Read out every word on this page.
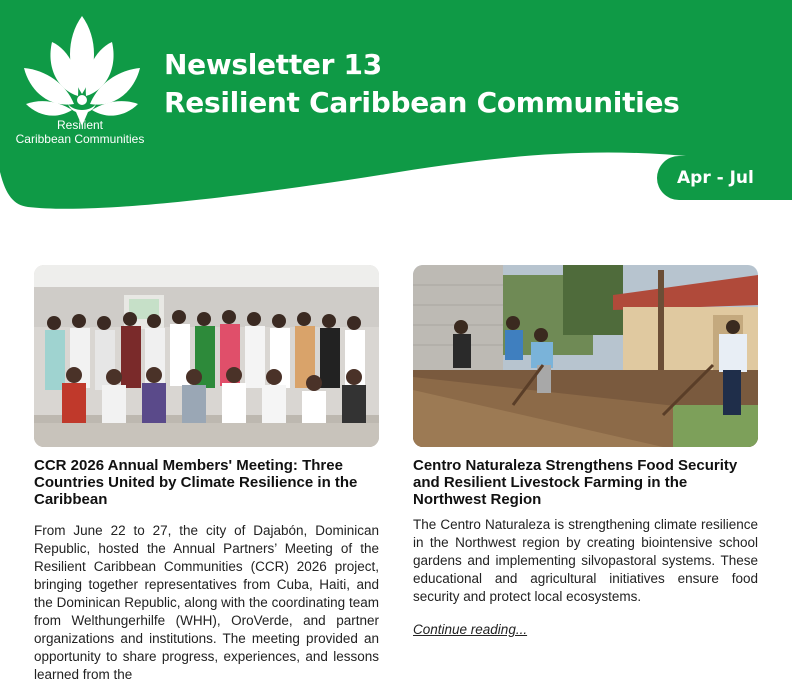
Resilient
Caribbean Communities
Newsletter 13
Resilient Caribbean Communities
Apr - Jul 2026
CCR 2026 Annual Members' Meeting: Three Countries United by Climate Resilience in the Caribbean
From June 22 to 27, the city of Dajabón, Dominican Republic, hosted the Annual Partners’ Meeting of the Resilient Caribbean Communities (CCR) 2026 project, bringing together representatives from Cuba, Haiti, and the Dominican Republic, along with the coordinating team from Welthungerhilfe (WHH), OroVerde, and partner organizations and institutions. The meeting provided an opportunity to share progress, experiences, and lessons learned from the
Centro Naturaleza Strengthens Food Security and Resilient Livestock Farming in the Northwest Region
The Centro Naturaleza is strengthening climate resilience in the Northwest region by creating biointensive school gardens and implementing silvopastoral systems. These educational and agricultural initiatives ensure food security and protect local ecosystems.
Continue reading...
